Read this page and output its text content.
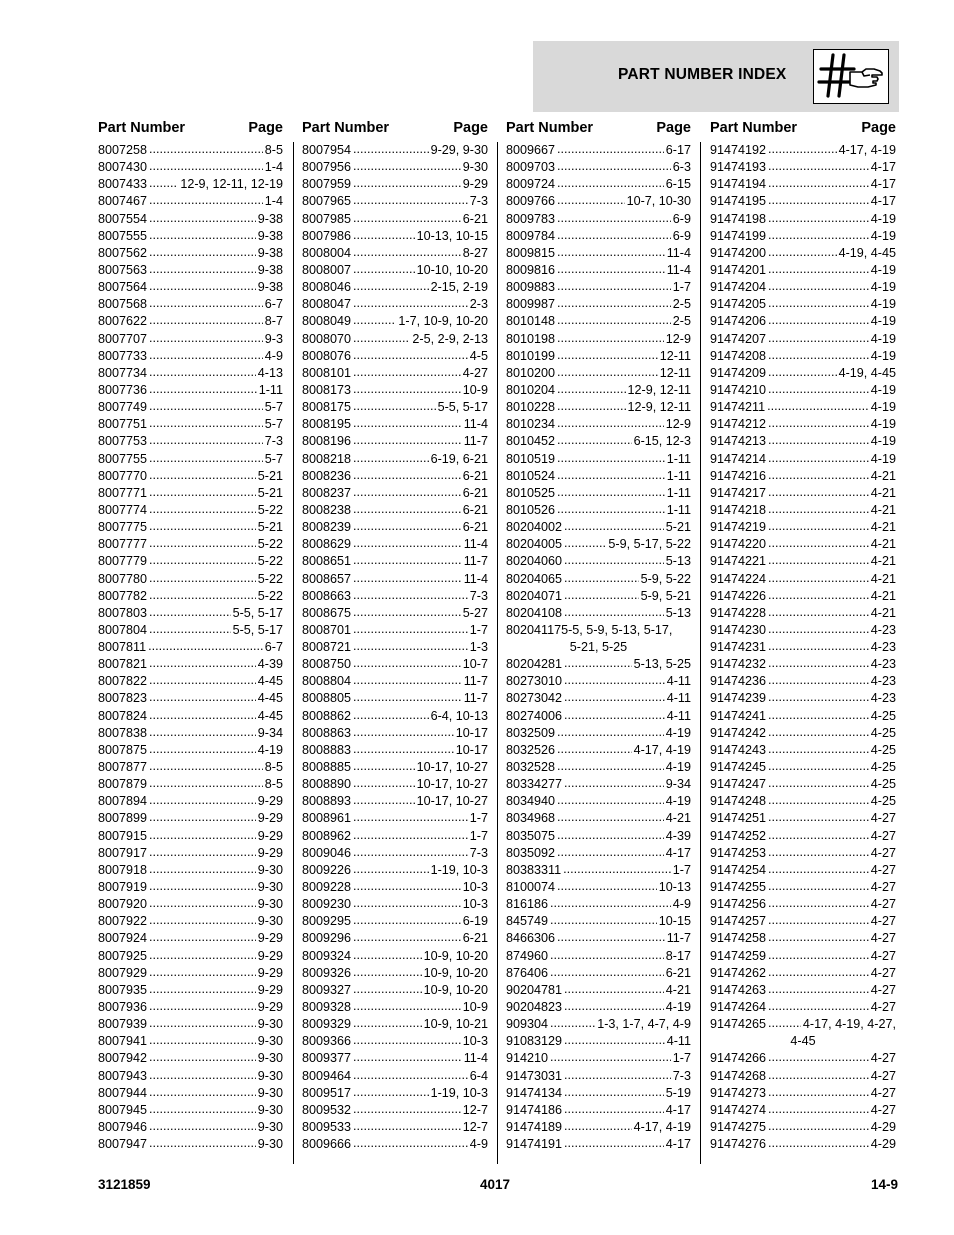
PART NUMBER INDEX
Part Number	Page
8007258 .....	8-5
8007430 .....	1-4
8007433 .....	12-9, 12-11, 12-19
8007467 .....	1-4
8007554 .....	9-38
8007555 .....	9-38
8007562 .....	9-38
8007563 .....	9-38
8007564 .....	9-38
8007568 .....	6-7
8007622 .....	8-7
8007707 .....	9-3
8007733 .....	4-9
8007734 .....	4-13
8007736 .....	1-11
8007749 .....	5-7
8007751 .....	5-7
8007753 .....	7-3
8007755 .....	5-7
8007770 .....	5-21
8007771 .....	5-21
8007774 .....	5-22
8007775 .....	5-21
8007777 .....	5-22
8007779 .....	5-22
8007780 .....	5-22
8007782 .....	5-22
8007803 .....	5-5, 5-17
8007804 .....	5-5, 5-17
8007811 .....	6-7
8007821 .....	4-39
8007822 .....	4-45
8007823 .....	4-45
8007824 .....	4-45
8007838 .....	9-34
8007875 .....	4-19
8007877 .....	8-5
8007879 .....	8-5
8007894 .....	9-29
8007899 .....	9-29
8007915 .....	9-29
8007917 .....	9-29
8007918 .....	9-30
8007919 .....	9-30
8007920 .....	9-30
8007922 .....	9-30
8007924 .....	9-29
8007925 .....	9-29
8007929 .....	9-29
8007935 .....	9-29
8007936 .....	9-29
8007939 .....	9-30
8007941 .....	9-30
8007942 .....	9-30
8007943 .....	9-30
8007944 .....	9-30
8007945 .....	9-30
8007946 .....	9-30
8007947 .....	9-30
Part Number	Page
8007954 .....	9-29, 9-30
8007956 .....	9-30
8007959 .....	9-29
8007965 .....	7-3
8007985 .....	6-21
8007986 .....	10-13, 10-15
8008004 .....	8-27
8008007 .....	10-10, 10-20
8008046 .....	2-15, 2-19
8008047 .....	2-3
8008049 .....	1-7, 10-9, 10-20
8008070 .....	2-5, 2-9, 2-13
8008076 .....	4-5
8008101 .....	4-27
8008173 .....	10-9
8008175 .....	5-5, 5-17
8008195 .....	11-4
8008196 .....	11-7
8008218 .....	6-19, 6-21
8008236 .....	6-21
8008237 .....	6-21
8008238 .....	6-21
8008239 .....	6-21
8008629 .....	11-4
8008651 .....	11-7
8008657 .....	11-4
8008663 .....	7-3
8008675 .....	5-27
8008701 .....	1-7
8008721 .....	1-3
8008750 .....	10-7
8008804 .....	11-7
8008805 .....	11-7
8008862 .....	6-4, 10-13
8008863 .....	10-17
8008883 .....	10-17
8008885 .....	10-17, 10-27
8008890 .....	10-17, 10-27
8008893 .....	10-17, 10-27
8008961 .....	1-7
8008962 .....	1-7
8009046 .....	7-3
8009226 .....	1-19, 10-3
8009228 .....	10-3
8009230 .....	10-3
8009295 .....	6-19
8009296 .....	6-21
8009324 .....	10-9, 10-20
8009326 .....	10-9, 10-20
8009327 .....	10-9, 10-20
8009328 .....	10-9
8009329 .....	10-9, 10-21
8009366 .....	10-3
8009377 .....	11-4
8009464 .....	6-4
8009517 .....	1-19, 10-3
8009532 .....	12-7
8009533 .....	12-7
8009666 .....	4-9
Part Number	Page
8009667 .....	6-17
8009703 .....	6-3
8009724 .....	6-15
8009766 .....	10-7, 10-30
8009783 .....	6-9
8009784 .....	6-9
8009815 .....	11-4
8009816 .....	11-4
8009883 .....	1-7
8009987 .....	2-5
8010148 .....	2-5
8010198 .....	12-9
8010199 .....	12-11
8010200 .....	12-11
8010204 .....	12-9, 12-11
8010228 .....	12-9, 12-11
8010234 .....	12-9
8010452 .....	6-15, 12-3
8010519 .....	1-11
8010524 .....	1-11
8010525 .....	1-11
8010526 .....	1-11
80204002 .....	5-21
80204005 .....	5-9, 5-17, 5-22
80204060 .....	5-13
80204065 .....	5-9, 5-22
80204071 .....	5-9, 5-21
80204108 .....	5-13
80204117 5-5, 5-9, 5-13, 5-17,
5-21, 5-25
80204281 .....	5-13, 5-25
80273010 .....	4-11
80273042 .....	4-11
80274006 .....	4-11
8032509 .....	4-19
8032526 .....	4-17, 4-19
8032528 .....	4-19
80334277 .....	9-34
8034940 .....	4-19
8034968 .....	4-21
8035075 .....	4-39
8035092 .....	4-17
80383311 .....	1-7
8100074 .....	10-13
816186 .....	4-9
845749 .....	10-15
8466306 .....	11-7
874960 .....	8-17
876406 .....	6-21
90204781 .....	4-21
90204823 .....	4-19
909304 .....	1-3, 1-7, 4-7, 4-9
91083129 .....	4-11
914210 .....	1-7
91473031 .....	7-3
91474134 .....	5-19
91474186 .....	4-17
91474189 .....	4-17, 4-19
91474191 .....	4-17
Part Number	Page
91474192 .....	4-17, 4-19
91474193 .....	4-17
91474194 .....	4-17
91474195 .....	4-17
91474198 .....	4-19
91474199 .....	4-19
91474200 .....	4-19, 4-45
91474201 .....	4-19
91474204 .....	4-19
91474205 .....	4-19
91474206 .....	4-19
91474207 .....	4-19
91474208 .....	4-19
91474209 .....	4-19, 4-45
91474210 .....	4-19
91474211 .....	4-19
91474212 .....	4-19
91474213 .....	4-19
91474214 .....	4-19
91474216 .....	4-21
91474217 .....	4-21
91474218 .....	4-21
91474219 .....	4-21
91474220 .....	4-21
91474221 .....	4-21
91474224 .....	4-21
91474226 .....	4-21
91474228 .....	4-21
91474230 .....	4-23
91474231 .....	4-23
91474232 .....	4-23
91474236 .....	4-23
91474239 .....	4-23
91474241 .....	4-25
91474242 .....	4-25
91474243 .....	4-25
91474245 .....	4-25
91474247 .....	4-25
91474248 .....	4-25
91474251 .....	4-27
91474252 .....	4-27
91474253 .....	4-27
91474254 .....	4-27
91474255 .....	4-27
91474256 .....	4-27
91474257 .....	4-27
91474258 .....	4-27
91474259 .....	4-27
91474262 .....	4-27
91474263 .....	4-27
91474264 .....	4-27
91474265 .....	4-17, 4-19, 4-27,
4-45
91474266 .....	4-27
91474268 .....	4-27
91474273 .....	4-27
91474274 .....	4-27
91474275 .....	4-29
91474276 .....	4-29
3121859	4017	14-9
